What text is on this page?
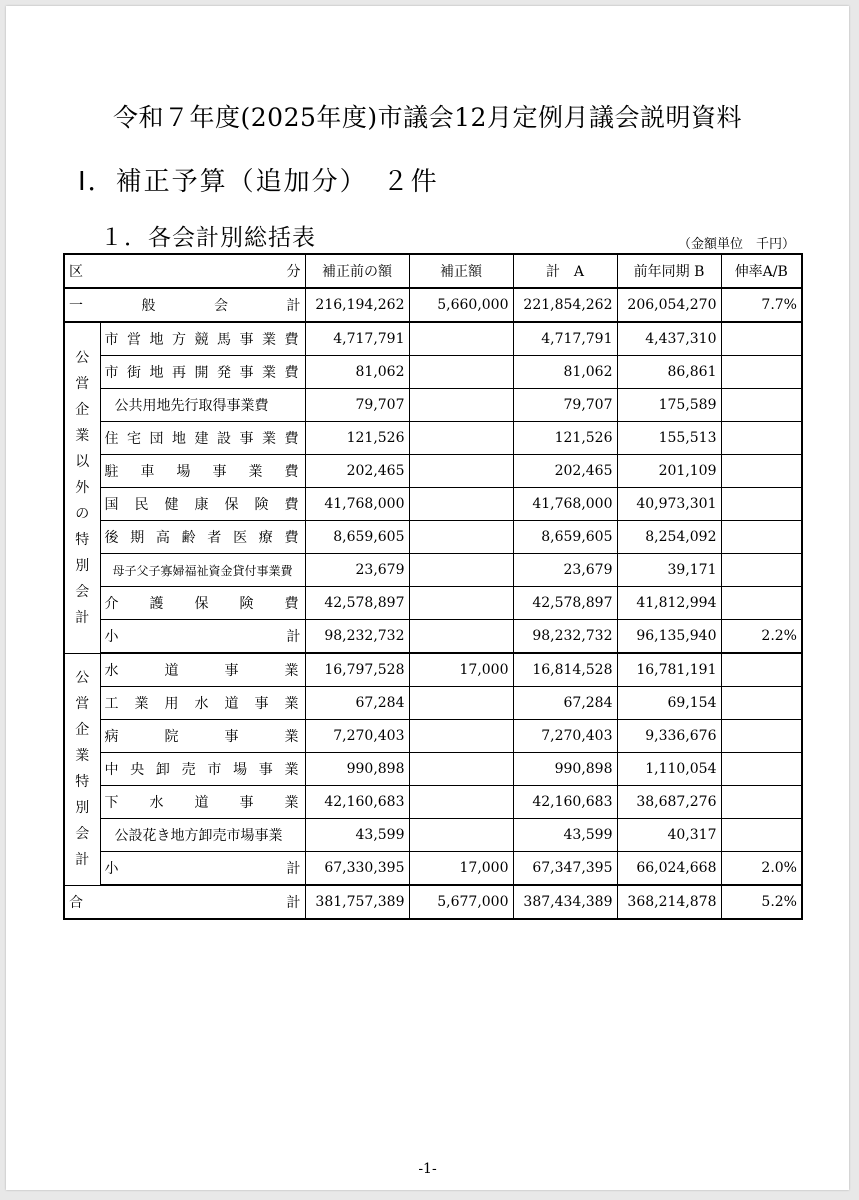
令和７年度(2025年度)市議会12月定例月議会説明資料
Ⅰ．補正予算（追加分）　２件
１．各会計別総括表	（金額単位　千円）
区　　　　分		補正前の額	補正額	計　A	前年同期 B	伸率A/B
一　般　会　計		216,194,262	5,660,000	221,854,262	206,054,270	7.7%

公営企業以外の特別会計	市営地方競馬事業費	4,717,791		4,717,791	4,437,310	
	市街地再開発事業費	81,062		81,062	86,861	
	公共用地先行取得事業費	79,707		79,707	175,589	
	住宅団地建設事業費	121,526		121,526	155,513	
	駐車場事業費	202,465		202,465	201,109	
	国民健康保険費	41,768,000		41,768,000	40,973,301	
	後期高齢者医療費	8,659,605		8,659,605	8,254,092	
	母子父子寡婦福祉資金貸付事業費	23,679		23,679	39,171	
	介護保険費	42,578,897		42,578,897	41,812,994	
	小　計	98,232,732		98,232,732	96,135,940	2.2%

公営企業特別会計	水道事業	16,797,528	17,000	16,814,528	16,781,191	
	工業用水道事業	67,284		67,284	69,154	
	病院事業	7,270,403		7,270,403	9,336,676	
	中央卸売市場事業	990,898		990,898	1,110,054	
	下水道事業	42,160,683		42,160,683	38,687,276	
	公設花き地方卸売市場事業	43,599		43,599	40,317	
	小　計	67,330,395	17,000	67,347,395	66,024,668	2.0%
合　計		381,757,389	5,677,000	387,434,389	368,214,878	5.2%
-1-
